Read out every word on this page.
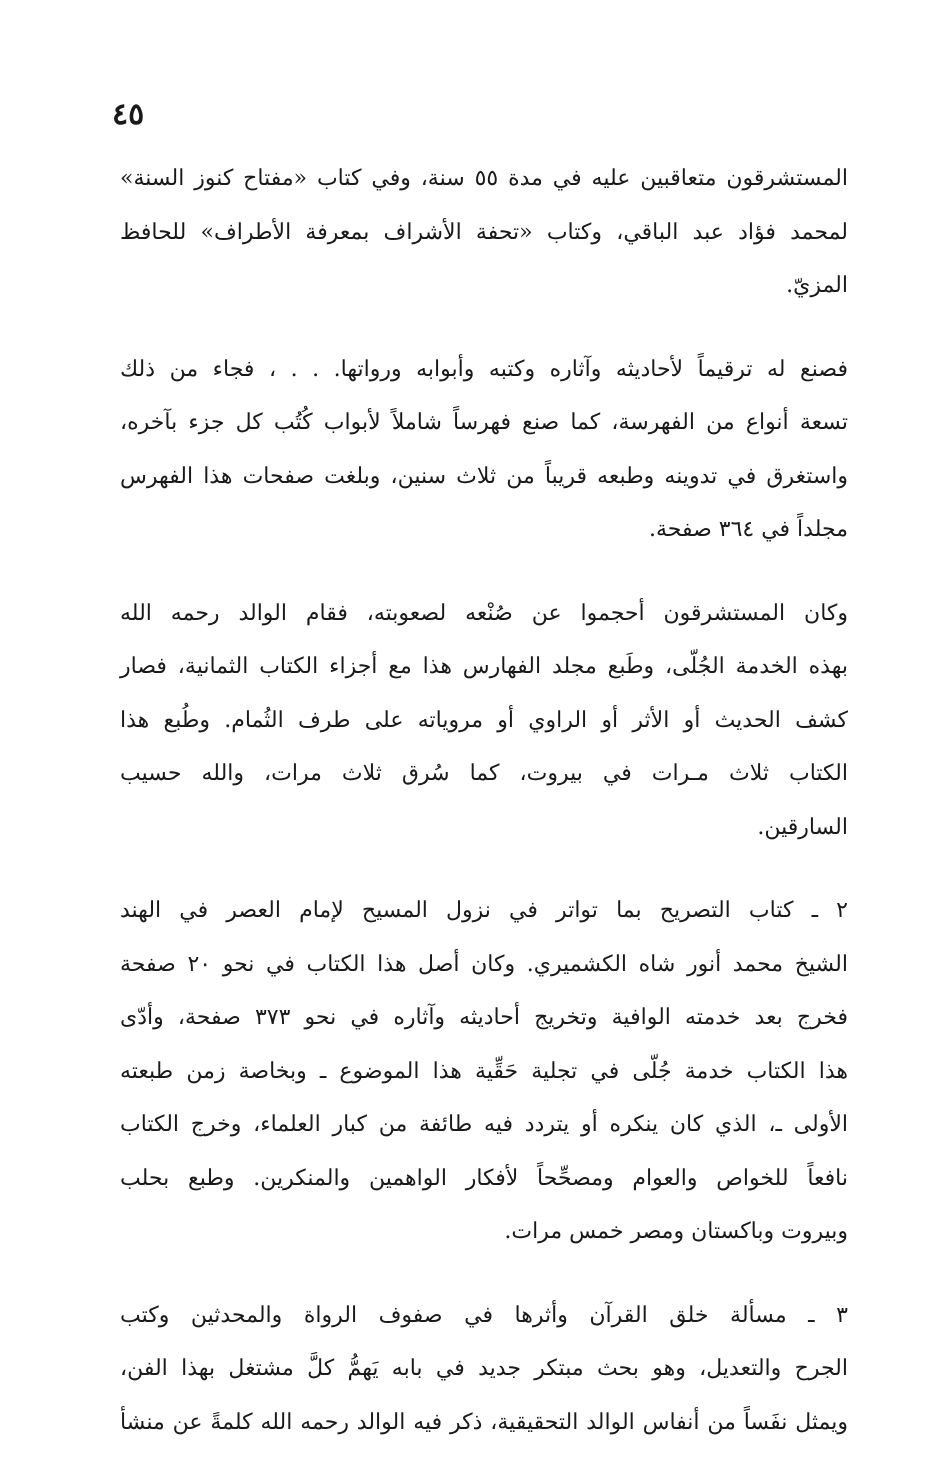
٤٥

المستشرقون متعاقبين عليه في مدة ٥٥ سنة، وفي كتاب «مفتاح كنوز السنة»
لمحمد فؤاد عبد الباقي، وكتاب «تحفة الأشراف بمعرفة الأطراف» للحافظ
المزيّ.

فصنع له ترقيماً لأحاديثه وآثاره وكتبه وأبوابه ورواتها. . . ، فجاء من ذلك
تسعة أنواع من الفهرسة، كما صنع فهرساً شاملاً لأبواب كُتُب كل جزء بآخره،
واستغرق في تدوينه وطبعه قريباً من ثلاث سنين، وبلغت صفحات هذا الفهرس
مجلداً في ٣٦٤ صفحة.

وكان المستشرقون أحجموا عن صُنْعه لصعوبته، فقام الوالد رحمه الله
بهذه الخدمة الجُلّى، وطَبع مجلد الفهارس هذا مع أجزاء الكتاب الثمانية، فصار
كشف الحديث أو الأثر أو الراوي أو مروياته على طرف الثُمام. وطُبع هذا
الكتاب ثلاث مـرات في بيروت، كما سُرق ثلاث مرات، والله حسيب
السارقين.

٢ ـ كتاب التصريح بما تواتر في نزول المسيح لإمام العصر في الهند
الشيخ محمد أنور شاه الكشميري. وكان أصل هذا الكتاب في نحو ٢٠ صفحة
فخرج بعد خدمته الوافية وتخريج أحاديثه وآثاره في نحو ٣٧٣ صفحة، وأدّى
هذا الكتاب خدمة جُلّى في تجلية حَقِّية هذا الموضوع ـ وبخاصة زمن طبعته
الأولى ـ، الذي كان ينكره أو يتردد فيه طائفة من كبار العلماء، وخرج الكتاب
نافعاً للخواص والعوام ومصحِّحاً لأفكار الواهمين والمنكرين. وطبع بحلب
وبيروت وباكستان ومصر خمس مرات.

٣ ـ مسألة خلق القرآن وأثرها في صفوف الرواة والمحدثين وكتب
الجرح والتعديل، وهو بحث مبتكر جديد في بابه يَهمُّ كلَّ مشتغل بهذا الفن،
ويمثل نفَساً من أنفاس الوالد التحقيقية، ذكر فيه الوالد رحمه الله كلمةً عن منشأ
